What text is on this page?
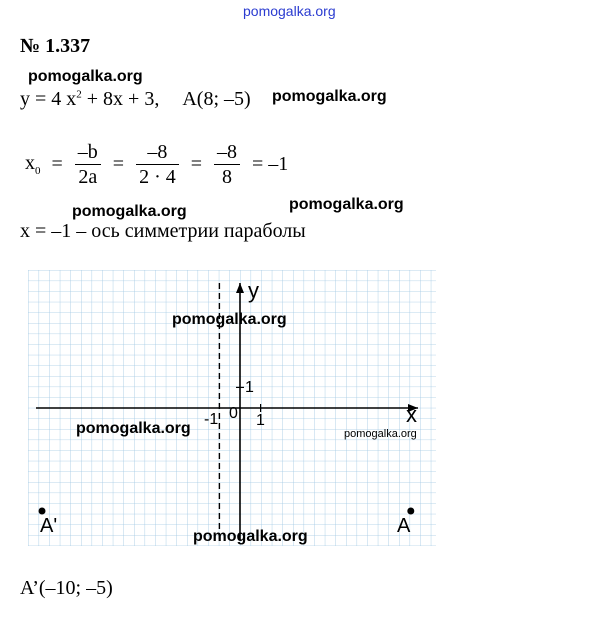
pomogalka.org
№ 1.337
pomogalka.org
y = 4 $x^2 + 8x + 3$, A(8; –5) pomogalka.org
$x_0 = \frac{-b}{2a} = \frac{-8}{2 \cdot 4} = \frac{-8}{8} = -1$
pomogalka.org	pomogalka.org
x = –1 – ось симметрии параболы
pomogalka.org
pomogalka.org	pomogalka.org
pomogalka.org
y
x
0 1
1
-1
A'	A
A’(–10; –5)
